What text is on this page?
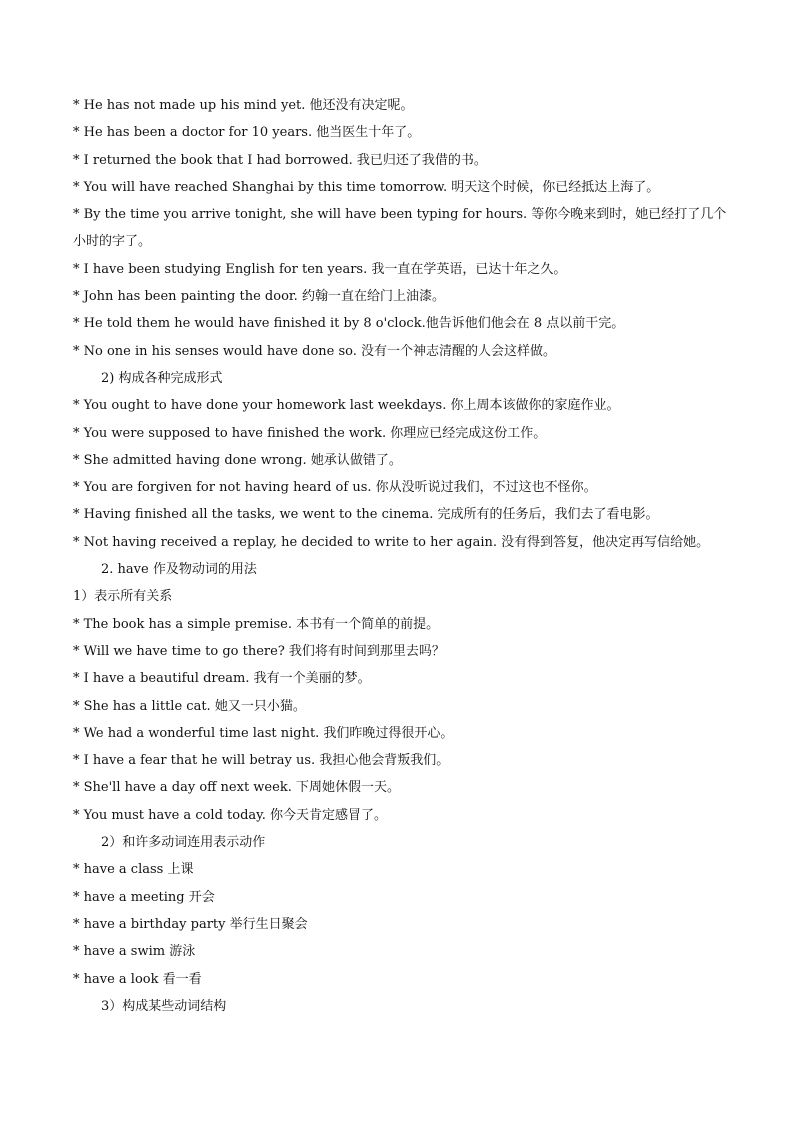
* He has not made up his mind yet. 他还没有决定呢。
* He has been a doctor for 10 years. 他当医生十年了。
* I returned the book that I had borrowed. 我已归还了我借的书。
* You will have reached Shanghai by this time tomorrow. 明天这个时候，你已经抵达上海了。
* By the time you arrive tonight, she will have been typing for hours. 等你今晚来到时，她已经打了几个小时的字了。
* I have been studying English for ten years. 我一直在学英语，已达十年之久。
* John has been painting the door. 约翰一直在给门上油漆。
* He told them he would have finished it by 8 o'clock.他告诉他们他会在 8 点以前干完。
* No one in his senses would have done so. 没有一个神志清醒的人会这样做。
2) 构成各种完成形式
* You ought to have done your homework last weekdays. 你上周本该做你的家庭作业。
* You were supposed to have finished the work. 你理应已经完成这份工作。
* She admitted having done wrong. 她承认做错了。
* You are forgiven for not having heard of us. 你从没听说过我们，不过这也不怪你。
* Having finished all the tasks, we went to the cinema. 完成所有的任务后，我们去了看电影。
* Not having received a replay, he decided to write to her again. 没有得到答复，他决定再写信给她。
2. have 作及物动词的用法
1）表示所有关系
* The book has a simple premise. 本书有一个简单的前提。
* Will we have time to go there? 我们将有时间到那里去吗？
* I have a beautiful dream. 我有一个美丽的梦。
* She has a little cat. 她又一只小猫。
* We had a wonderful time last night. 我们昨晚过得很开心。
* I have a fear that he will betray us. 我担心他会背叛我们。
* She'll have a day off next week. 下周她休假一天。
* You must have a cold today. 你今天肯定感冒了。
2）和许多动词连用表示动作
* have a class 上课
* have a meeting 开会
* have a birthday party 举行生日聚会
* have a swim 游泳
* have a look 看一看
3）构成某些动词结构
